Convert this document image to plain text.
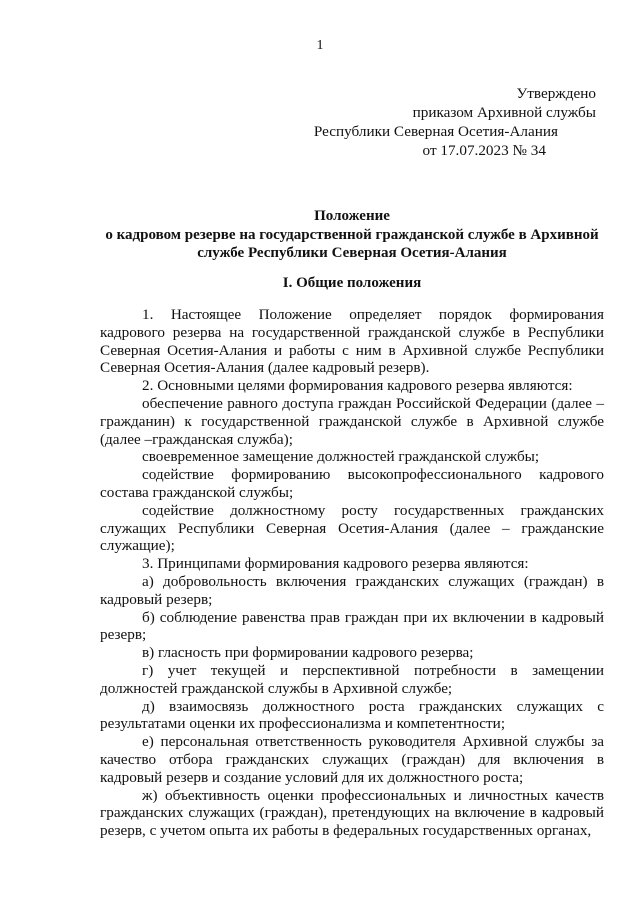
1
Утверждено
приказом Архивной службы
Республики Северная Осетия-Алания
от 17.07.2023 № 34
Положение
о кадровом резерве на государственной гражданской службе в Архивной
службе Республики Северная Осетия-Алания
I. Общие положения

1. Настоящее Положение определяет порядок формирования кадрового резерва на государственной гражданской службе в Республики Северная Осетия-Алания и работы с ним в Архивной службе Республики Северная Осетия-Алания (далее кадровый резерв).

2. Основными целями формирования кадрового резерва являются:

обеспечение равного доступа граждан Российской Федерации (далее – гражданин) к государственной гражданской службе в Архивной службе (далее –гражданская служба);

своевременное замещение должностей гражданской службы;

содействие формированию высокопрофессионального кадрового состава гражданской службы;

содействие должностному росту государственных гражданских служащих Республики Северная Осетия-Алания (далее – гражданские служащие);

3. Принципами формирования кадрового резерва являются:

а) добровольность включения гражданских служащих (граждан) в кадровый резерв;

б) соблюдение равенства прав граждан при их включении в кадровый резерв;

в) гласность при формировании кадрового резерва;

г) учет текущей и перспективной потребности в замещении должностей гражданской службы в Архивной службе;

д) взаимосвязь должностного роста гражданских служащих с результатами оценки их профессионализма и компетентности;

е) персональная ответственность руководителя Архивной службы за качество отбора гражданских служащих (граждан) для включения в кадровый резерв и создание условий для их должностного роста;

ж) объективность оценки профессиональных и личностных качеств гражданских служащих (граждан), претендующих на включение в кадровый резерв, с учетом опыта их работы в федеральных государственных органах,
